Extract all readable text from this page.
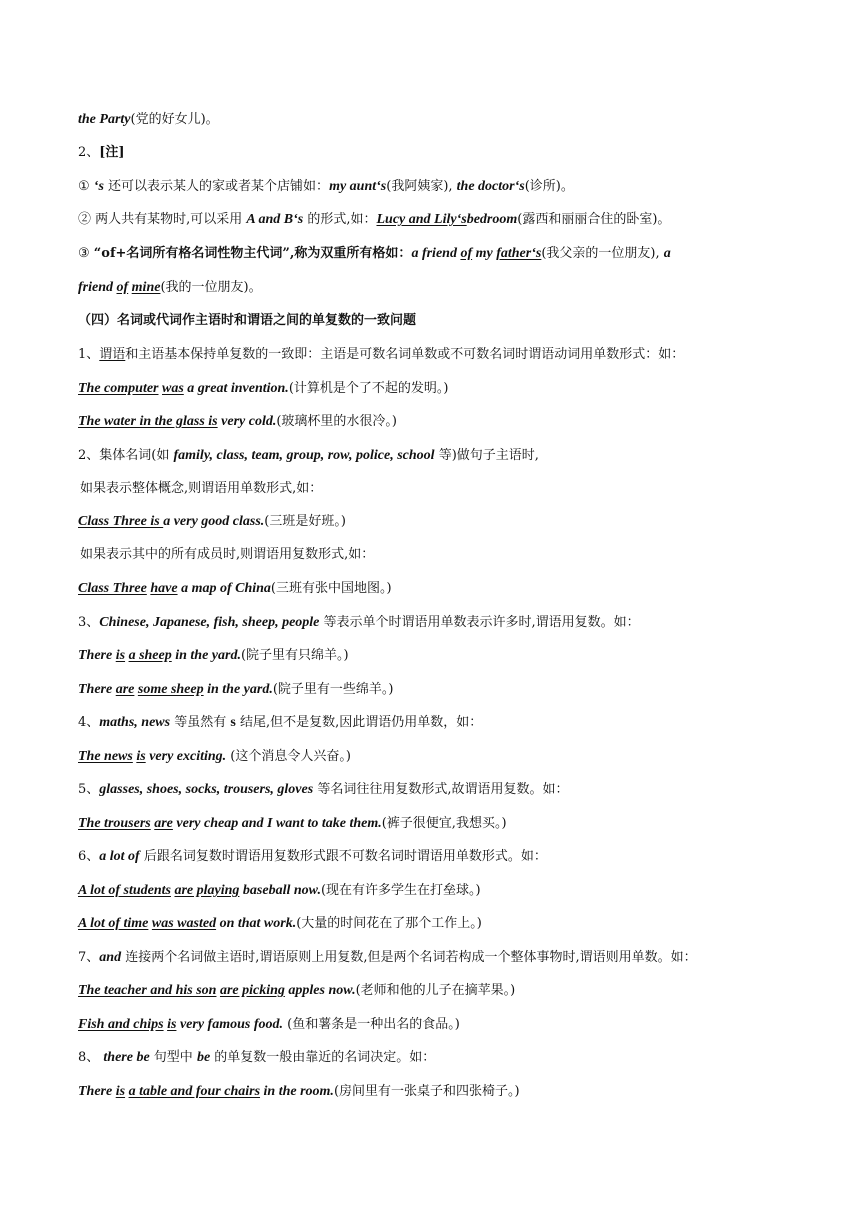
the Party(党的好女儿)。
2、[注]
① ‘s 还可以表示某人的家或者某个店铺如：my aunt‘s(我阿姨家), the doctor‘s(诊所)。
② 两人共有某物时,可以采用 A and B‘s 的形式,如：Lucy and Lily‘sbedroom(露西和丽丽合住的卧室)。
③ “of+名词所有格名词性物主代词”,称为双重所有格如：a friend of my father‘s(我父亲的一位朋友), a
friend of mine(我的一位朋友)。
（四）名词或代词作主语时和谓语之间的单复数的一致问题
1、谓语和主语基本保持单复数的一致即：主语是可数名词单数或不可数名词时谓语动词用单数形式：如：
The computer was a great invention.(计算机是个了不起的发明。)
The water in the glass is very cold.(玻璃杯里的水很冷。)
2、集体名词(如 family, class, team, group, row, police, school 等)做句子主语时,
如果表示整体概念,则谓语用单数形式,如：
Class Three is a very good class.(三班是好班。)
如果表示其中的所有成员时,则谓语用复数形式,如：
Class Three have a map of China(三班有张中国地图。)
3、Chinese, Japanese, fish, sheep, people 等表示单个时谓语用单数表示许多时,谓语用复数。如：
There is a sheep in the yard.(院子里有只绵羊。)
There are some sheep in the yard.(院子里有一些绵羊。)
4、maths, news 等虽然有 s 结尾,但不是复数,因此谓语仍用单数，如：
The news is very exciting. (这个消息令人兴奋。)
5、glasses, shoes, socks, trousers, gloves 等名词往往用复数形式,故谓语用复数。如：
The trousers are very cheap and I want to take them.(裤子很便宜,我想买。)
6、a lot of 后跟名词复数时谓语用复数形式跟不可数名词时谓语用单数形式。如：
A lot of students are playing baseball now.(现在有许多学生在打垒球。)
A lot of time was wasted on that work.(大量的时间花在了那个工作上。)
7、and 连接两个名词做主语时,谓语原则上用复数,但是两个名词若构成一个整体事物时,谓语则用单数。如：
The teacher and his son are picking apples now.(老师和他的儿子在摘苹果。)
Fish and chips is very famous food. (鱼和薯条是一种出名的食品。)
8、 there be 句型中 be 的单复数一般由靠近的名词决定。如：
There is a table and four chairs in the room.(房间里有一张桌子和四张椅子。)
